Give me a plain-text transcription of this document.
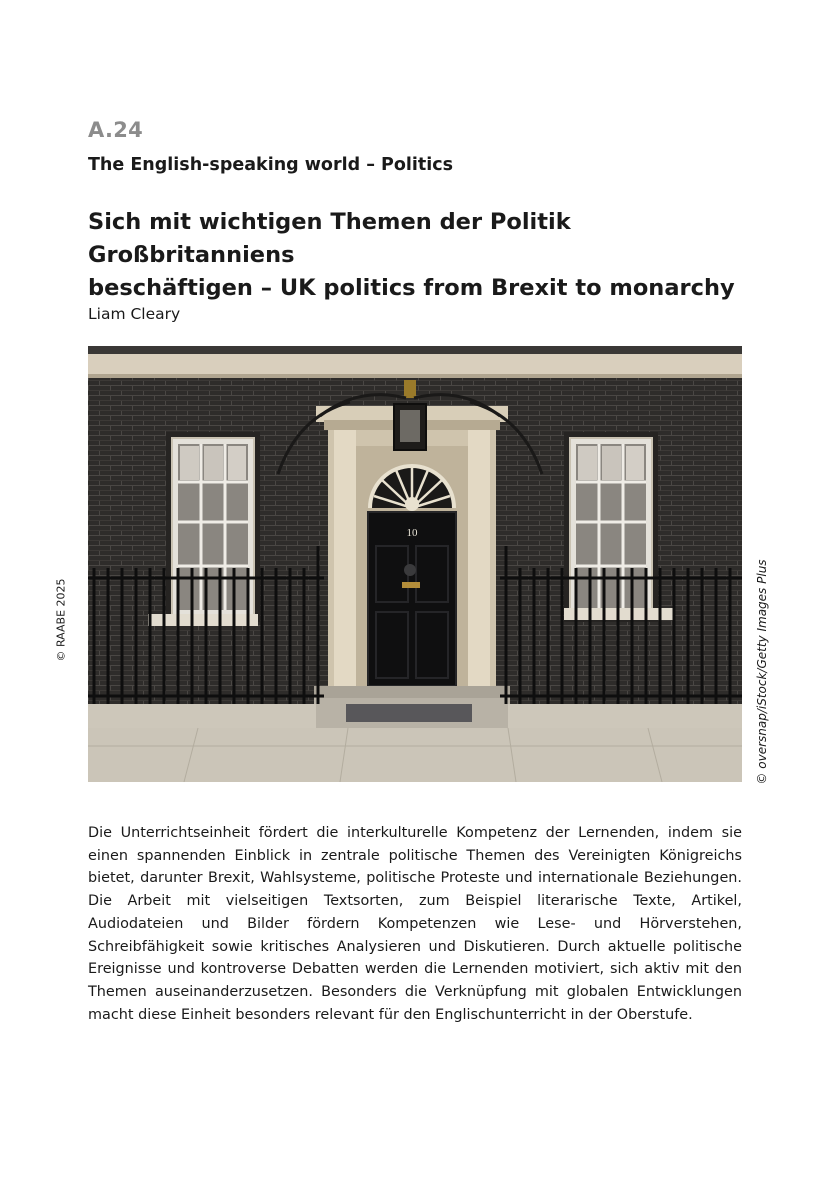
A.24
The English-speaking world – Politics
Sich mit wichtigen Themen der Politik Großbritanniens
beschäftigen – UK politics from Brexit to monarchy
Liam Cleary
10
© RAABE 2025	© oversnap/iStock/Getty Images Plus

Die Unterrichtseinheit fördert die interkulturelle Kompetenz der Lernenden, indem sie einen spannenden Einblick in zentrale politische Themen des Vereinigten Königreichs bietet, darunter Brexit, Wahlsysteme, politische Proteste und internationale Beziehungen. Die Arbeit mit vielseitigen Textsorten, zum Beispiel literarische Texte, Artikel, Audiodateien und Bilder fördern Kompetenzen wie Lese- und Hörverstehen, Schreibfähigkeit sowie kritisches Analysieren und Diskutieren. Durch aktuelle politische Ereignisse und kontroverse Debatten werden die Lernenden motiviert, sich aktiv mit den Themen auseinanderzusetzen. Besonders die Verknüpfung mit globalen Entwicklungen macht diese Einheit besonders relevant für den Englischunterricht in der Oberstufe.
